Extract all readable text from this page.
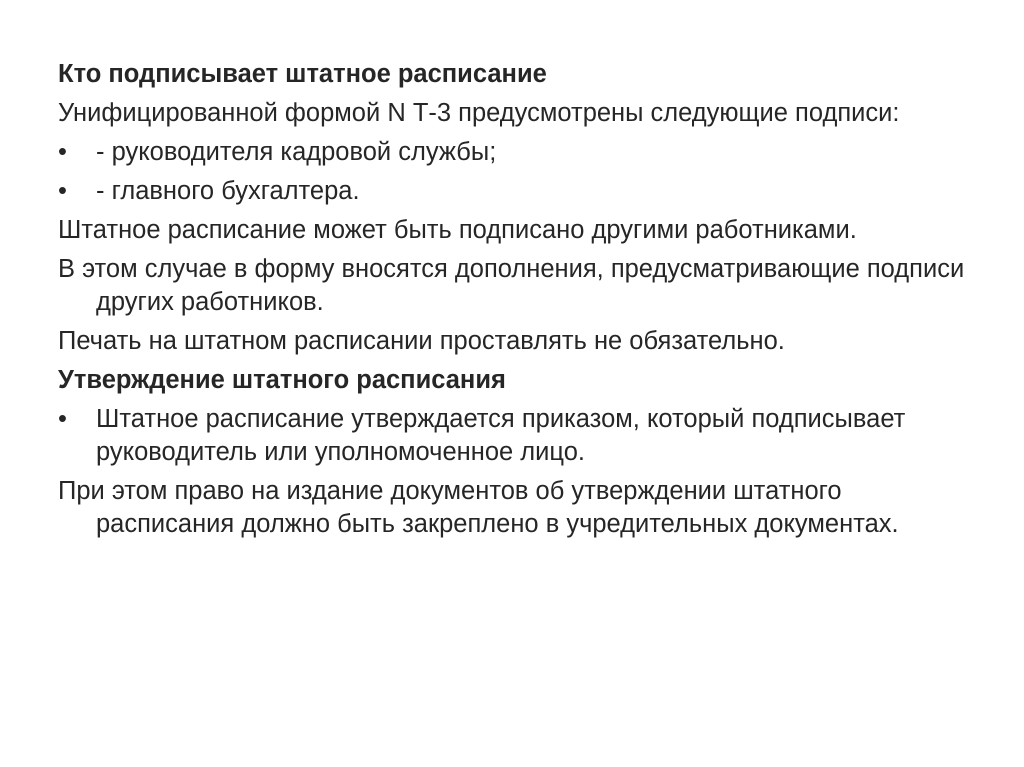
Кто подписывает штатное расписание

Унифицированной формой N Т-3 предусмотрены следующие подписи:

•	- руководителя кадровой службы;
•	- главного бухгалтера.

Штатное расписание может быть подписано другими работниками.

В этом случае в форму вносятся дополнения, предусматривающие подписи других работников.

Печать на штатном расписании проставлять не обязательно.

Утверждение штатного расписания

•	Штатное расписание утверждается приказом, который подписывает руководитель или уполномоченное лицо.

При этом право на издание документов об утверждении штатного расписания должно быть закреплено в учредительных документах.
